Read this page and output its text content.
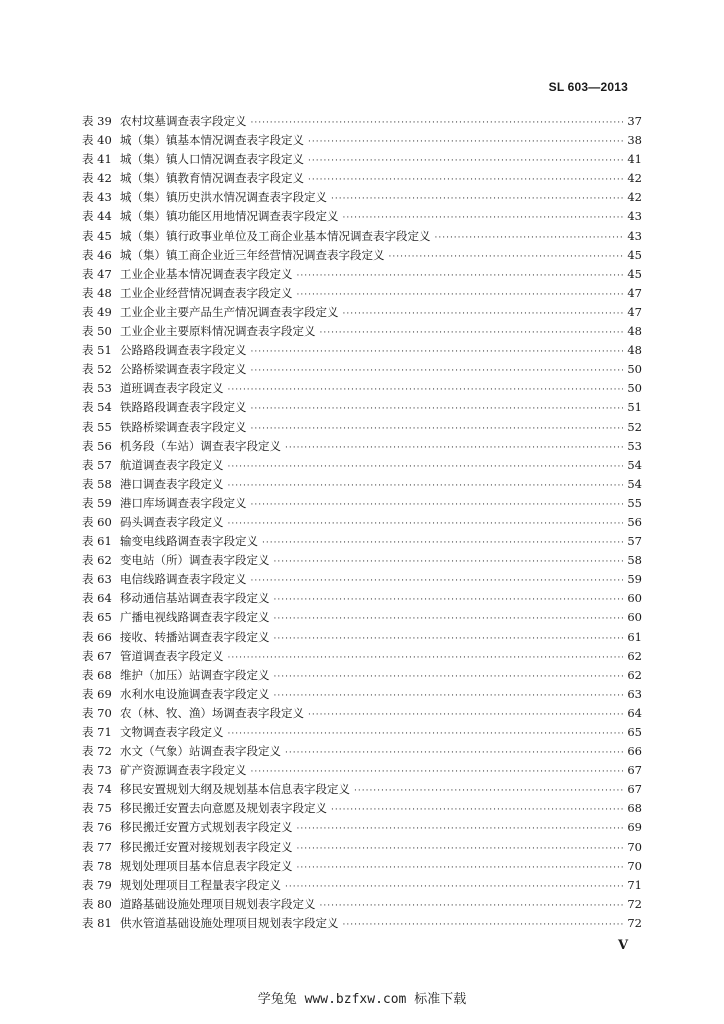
SL 603—2013
表 39 农村坟墓调查表字段定义 ·····	37
表 40 城（集）镇基本情况调查表字段定义 ·····	38
表 41 城（集）镇人口情况调查表字段定义 ·····	41
表 42 城（集）镇教育情况调查表字段定义 ·····	42
表 43 城（集）镇历史洪水情况调查表字段定义 ·····	42
表 44 城（集）镇功能区用地情况调查表字段定义 ·····	43
表 45 城（集）镇行政事业单位及工商企业基本情况调查表字段定义 ·····	43
表 46 城（集）镇工商企业近三年经营情况调查表字段定义 ·····	45
表 47 工业企业基本情况调查表字段定义 ·····	45
表 48 工业企业经营情况调查表字段定义 ·····	47
表 49 工业企业主要产品生产情况调查表字段定义 ·····	47
表 50 工业企业主要原料情况调查表字段定义 ·····	48
表 51 公路路段调查表字段定义 ·····	48
表 52 公路桥梁调查表字段定义 ·····	50
表 53 道班调查表字段定义 ·····	50
表 54 铁路路段调查表字段定义 ·····	51
表 55 铁路桥梁调查表字段定义 ·····	52
表 56 机务段（车站）调查表字段定义 ·····	53
表 57 航道调查表字段定义 ·····	54
表 58 港口调查表字段定义 ·····	54
表 59 港口库场调查表字段定义 ·····	55
表 60 码头调查表字段定义 ·····	56
表 61 输变电线路调查表字段定义 ·····	57
表 62 变电站（所）调查表字段定义 ·····	58
表 63 电信线路调查表字段定义 ·····	59
表 64 移动通信基站调查表字段定义 ·····	60
表 65 广播电视线路调查表字段定义 ·····	60
表 66 接收、转播站调查表字段定义 ·····	61
表 67 管道调查表字段定义 ·····	62
表 68 维护（加压）站调查字段定义 ·····	62
表 69 水利水电设施调查表字段定义 ·····	63
表 70 农（林、牧、渔）场调查表字段定义 ·····	64
表 71 文物调查表字段定义 ·····	65
表 72 水文（气象）站调查表字段定义 ·····	66
表 73 矿产资源调查表字段定义 ·····	67
表 74 移民安置规划大纲及规划基本信息表字段定义 ·····	67
表 75 移民搬迁安置去向意愿及规划表字段定义 ·····	68
表 76 移民搬迁安置方式规划表字段定义 ·····	69
表 77 移民搬迁安置对接规划表字段定义 ·····	70
表 78 规划处理项目基本信息表字段定义 ·····	70
表 79 规划处理项目工程量表字段定义 ·····	71
表 80 道路基础设施处理项目规划表字段定义 ·····	72
表 81 供水管道基础设施处理项目规划表字段定义 ·····	72
V
学兔兔 www.bzfxw.com 标准下载
